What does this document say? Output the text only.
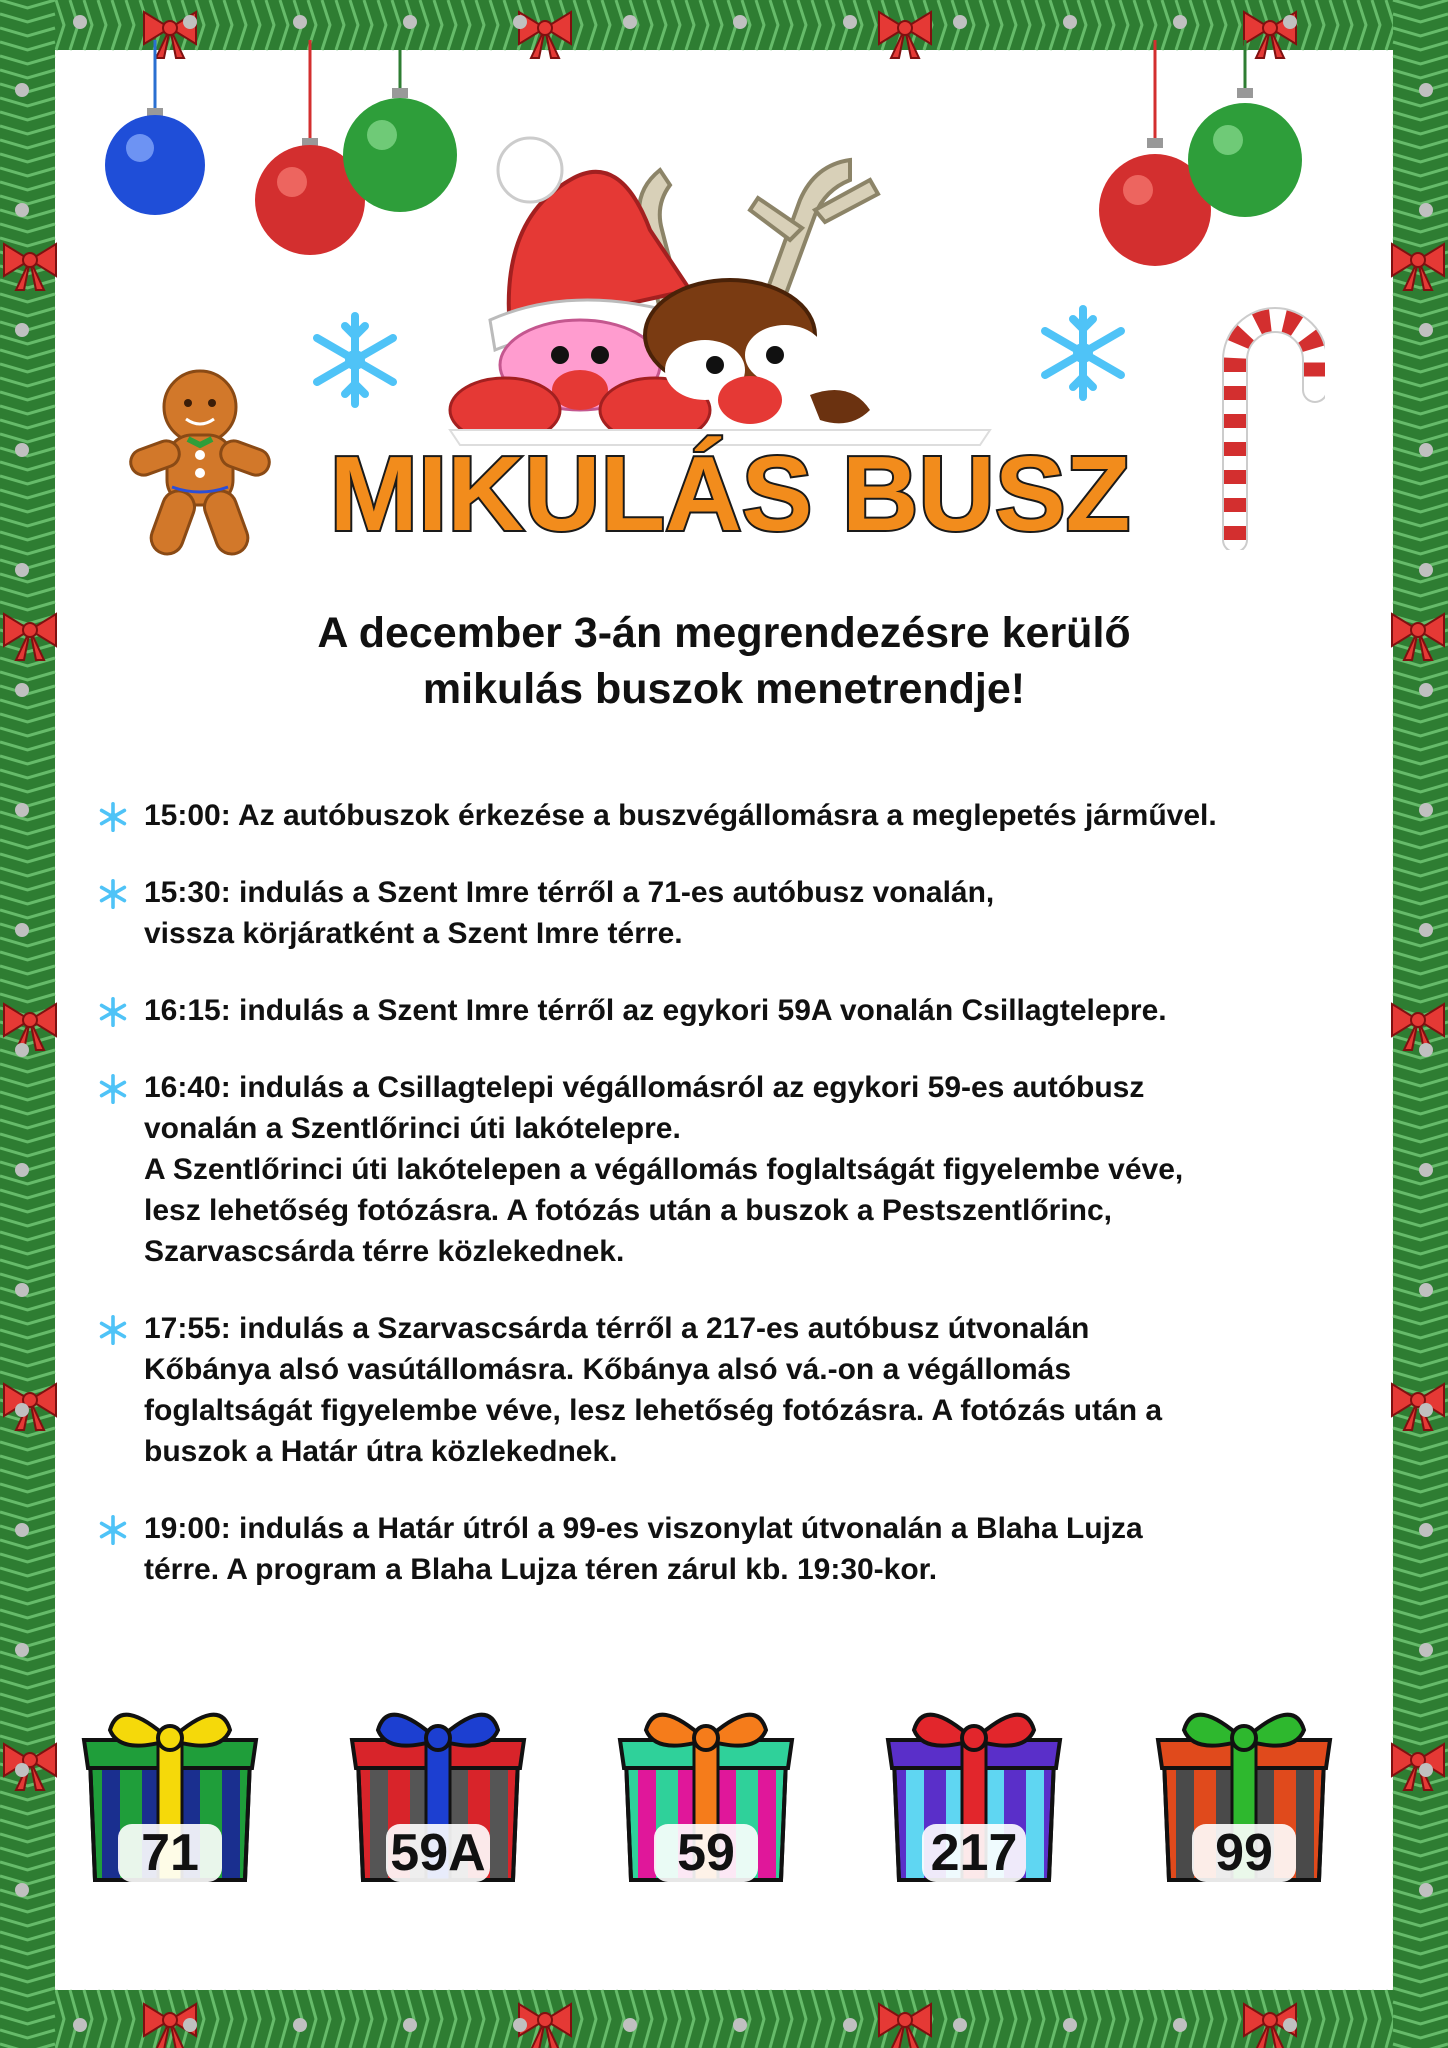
MIKULÁS BUSZ
A december 3-án megrendezésre kerülő
mikulás buszok menetrendje!
15:00: Az autóbuszok érkezése a buszvégállomásra a meglepetés járművel.
15:30: indulás a Szent Imre térről a 71-es autóbusz vonalán,
vissza körjáratként a Szent Imre térre.
16:15: indulás a Szent Imre térről az egykori 59A vonalán Csillagtelepre.
16:40: indulás a Csillagtelepi végállomásról az egykori 59-es autóbusz
vonalán a Szentlőrinci úti lakótelepre.
A Szentlőrinci úti lakótelepen a végállomás foglaltságát figyelembe véve,
lesz lehetőség fotózásra. A fotózás után a buszok a Pestszentlőrinc,
Szarvascsárda térre közlekednek.
17:55: indulás a Szarvascsárda térről a 217-es autóbusz útvonalán
Kőbánya alsó vasútállomásra. Kőbánya alsó vá.-on a végállomás
foglaltságát figyelembe véve, lesz lehetőség fotózásra. A fotózás után a
buszok a Határ útra közlekednek.
19:00: indulás a Határ útról a 99-es viszonylat útvonalán a Blaha Lujza
térre. A program a Blaha Lujza téren zárul kb. 19:30-kor.
71	59A	59	217	99
